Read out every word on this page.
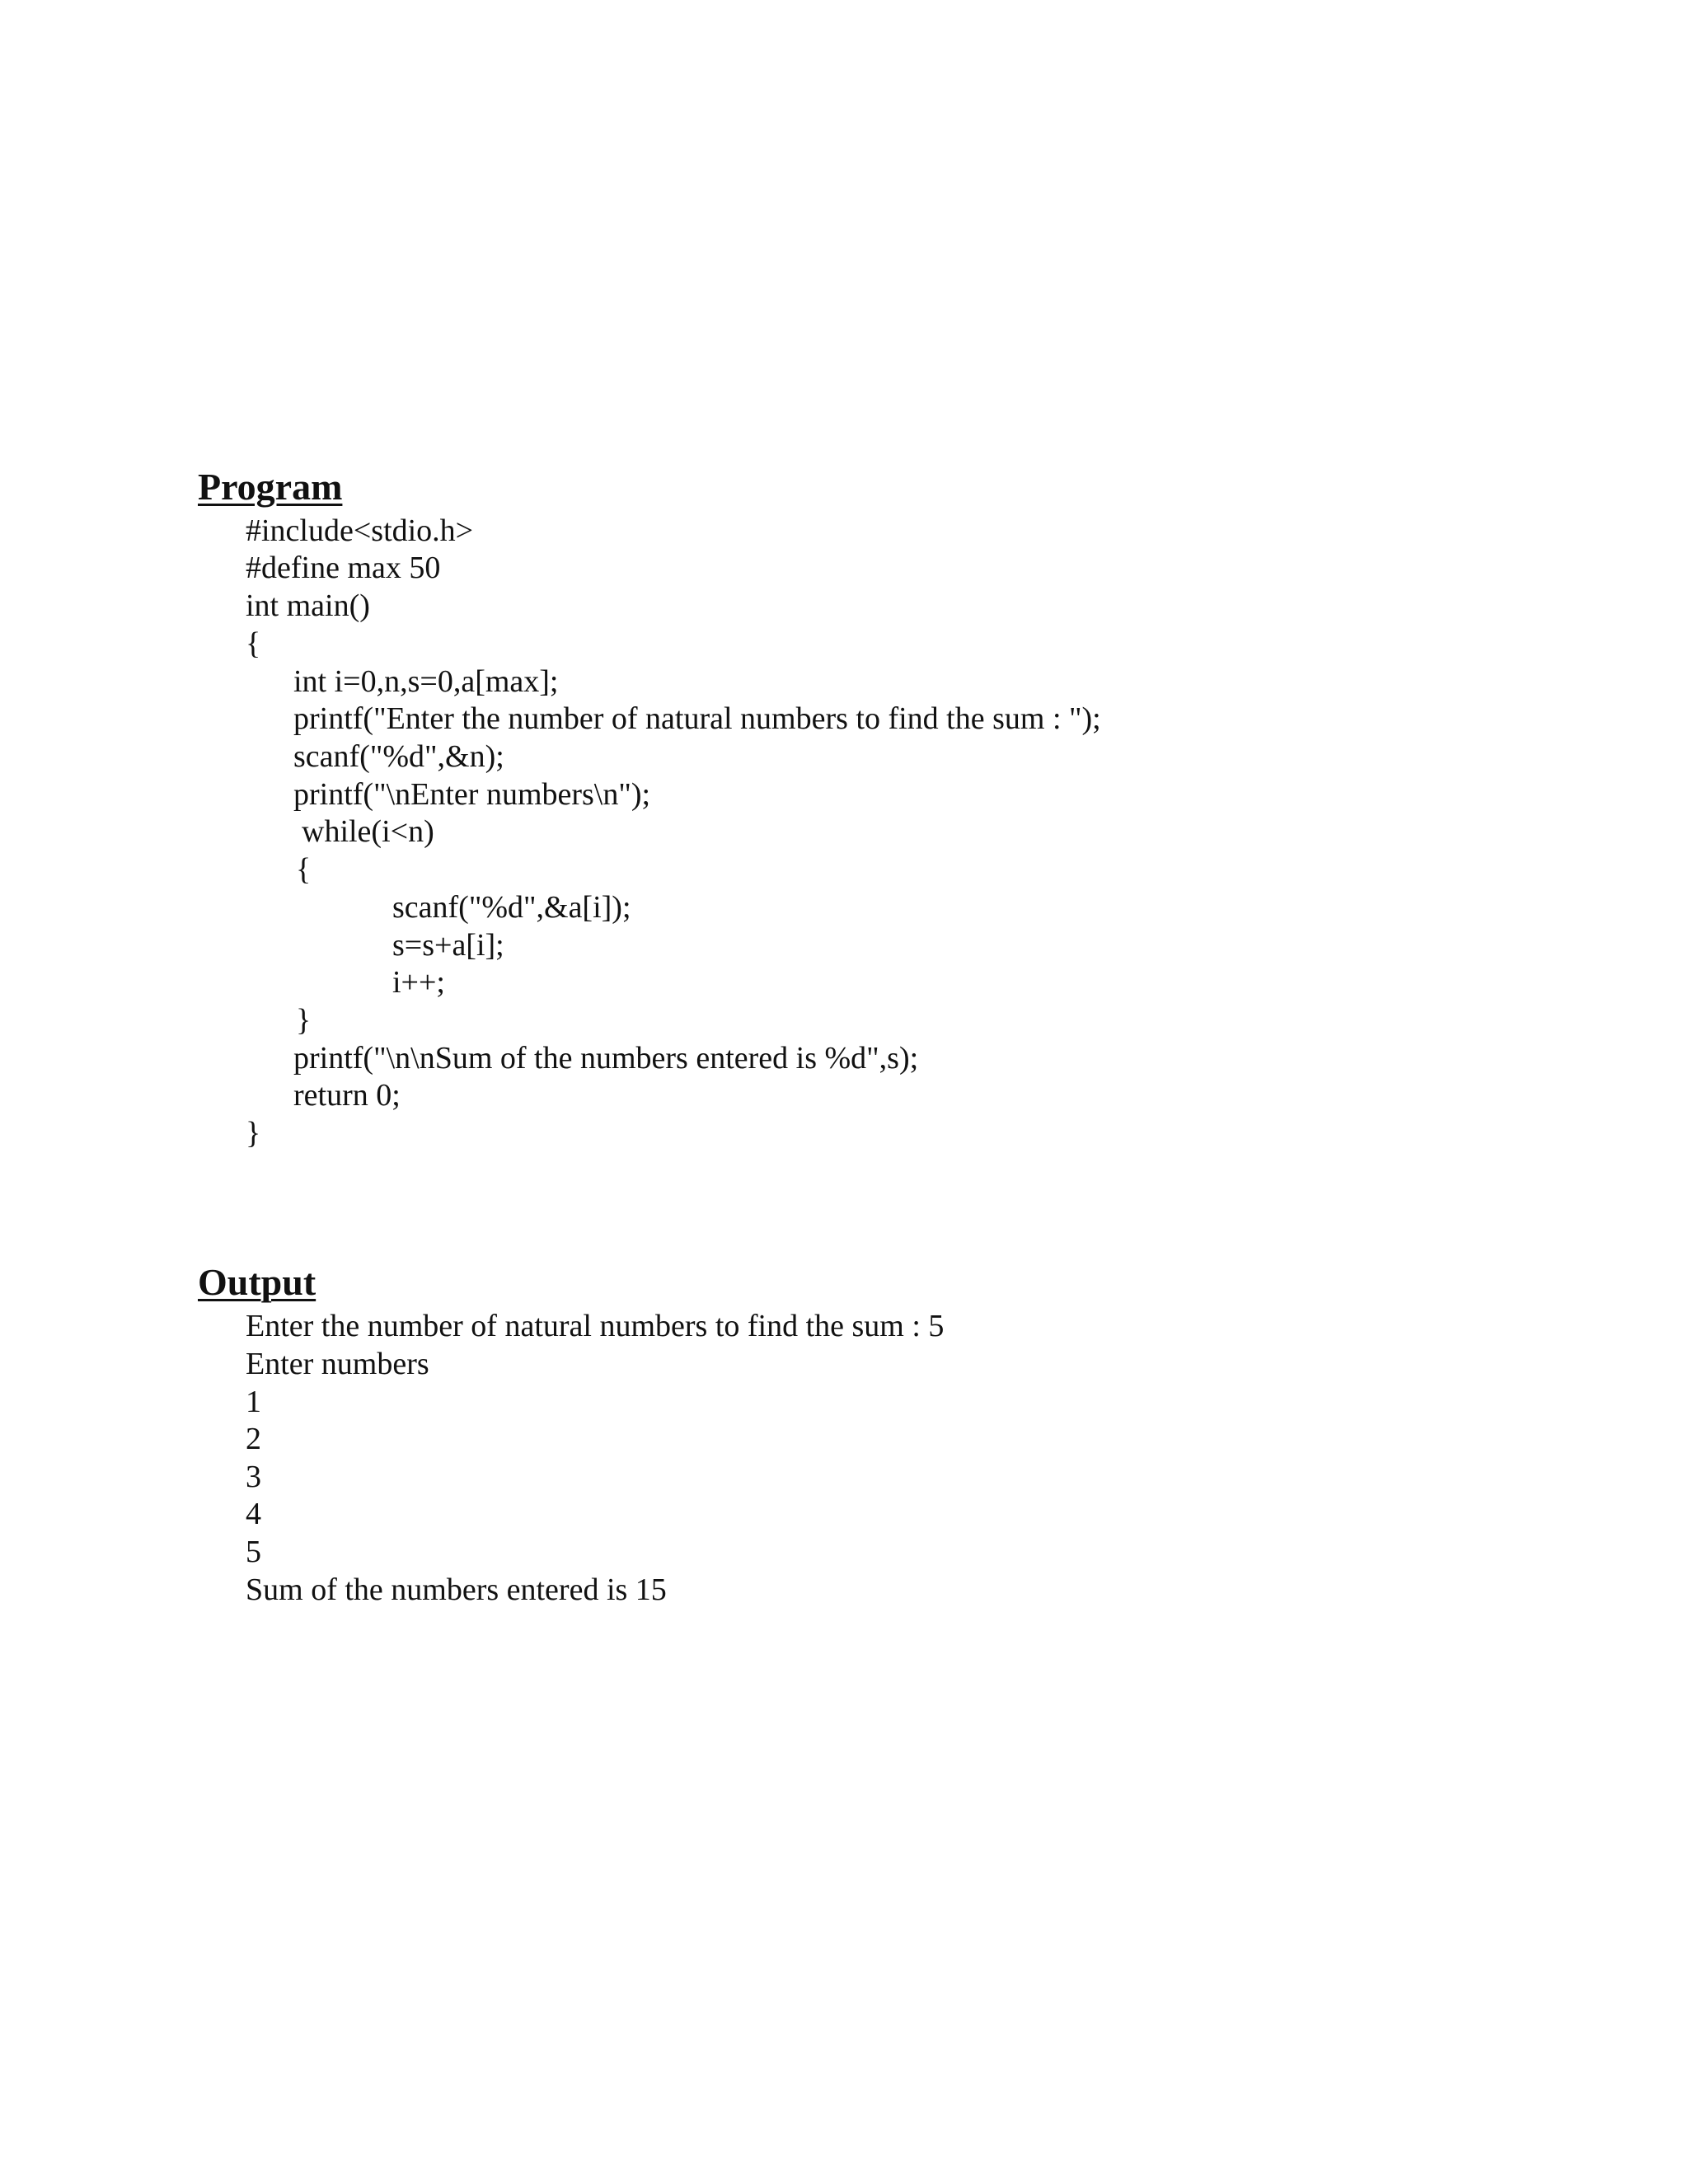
Program

#include<stdio.h>

#define max 50

int main()

{

int i=0,n,s=0,a[max];

printf("Enter the number of natural numbers to find the sum : ");

scanf("%d",&n);

printf("\nEnter numbers\n");

while(i<n)

{

scanf("%d",&a[i]);

s=s+a[i];

i++;

}

printf("\n\nSum of the numbers entered is %d",s);

return 0;

}

Output

Enter the number of natural numbers to find the sum : 5

Enter numbers

1

2

3

4

5

Sum of the numbers entered is 15
